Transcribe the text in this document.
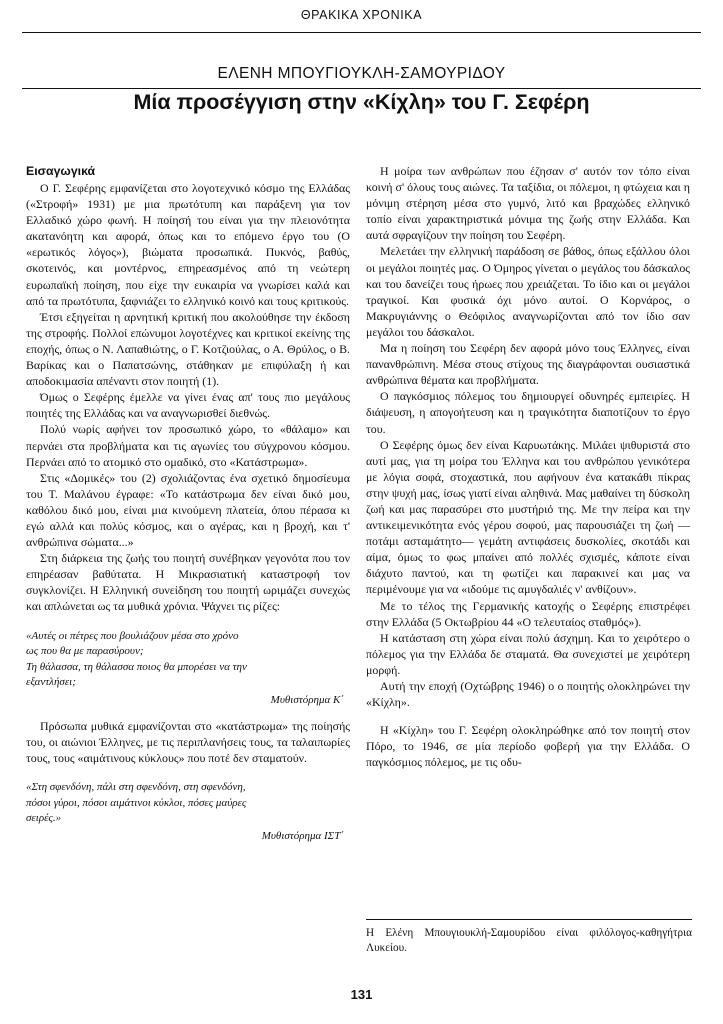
ΘΡΑΚΙΚΑ ΧΡΟΝΙΚΑ
ΕΛΕΝΗ ΜΠΟΥΓΙΟΥΚΛΗ-ΣΑΜΟΥΡΙΔΟΥ
Μία προσέγγιση στην «Κίχλη» του Γ. Σεφέρη
Εισαγωγικά

Ο Γ. Σεφέρης εμφανίζεται στο λογοτεχνικό κόσμο της Ελλάδας («Στροφή» 1931) με μια πρωτότυπη και παράξενη για τον Ελλαδικό χώρο φωνή. Η ποίησή του είναι για την πλειονότητα ακατανόητη και αφορά, όπως και το επόμενο έργο του (Ο «ερωτικός λόγος»), βιώματα προσωπικά. Πυκνός, βαθύς, σκοτεινός, και μοντέρνος, επηρεασμένος από τη νεώτερη ευρωπαϊκή ποίηση, που είχε την ευκαιρία να γνωρίσει καλά και από τα πρωτότυπα, ξαφνιάζει το ελληνικό κοινό και τους κριτικούς.

Έτσι εξηγείται η αρνητική κριτική που ακολούθησε την έκδοση της στροφής. Πολλοί επώνυμοι λογοτέχνες και κριτικοί εκείνης της εποχής, όπως ο Ν. Λαπαθιώτης, ο Γ. Κοτζιούλας, ο Α. Θρύλος, ο Β. Βαρίκας και ο Παπατσώνης, στάθηκαν με επιφύλαξη ή και αποδοκιμασία απέναντι στον ποιητή (1).

Όμως ο Σεφέρης έμελλε να γίνει ένας απ' τους πιο μεγάλους ποιητές της Ελλάδας και να αναγνωρισθεί διεθνώς.

Πολύ νωρίς αφήνει τον προσωπικό χώρο, το «θάλαμο» και περνάει στα προβλήματα και τις αγωνίες του σύγχρονου κόσμου. Περνάει από το ατομικό στο ομαδικό, στο «Κατάστρωμα».

Στις «Δομικές» του (2) σχολιάζοντας ένα σχετικό δημοσίευμα του Τ. Μαλάνου έγραφε: «Το κατάστρωμα δεν είναι δικό μου, καθόλου δικό μου, είναι μια κινούμενη πλατεία, όπου πέρασα κι εγώ αλλά και πολύς κόσμος, και ο αγέρας, και η βροχή, και τ' ανθρώπινα σώματα...»

Στη διάρκεια της ζωής του ποιητή συνέβηκαν γεγονότα που τον επηρέασαν βαθύτατα. Η Μικρασιατική καταστροφή τον συγκλονίζει. Η Ελληνική συνείδηση του ποιητή ωριμάζει συνεχώς και απλώνεται ως τα μυθικά χρόνια. Ψάχνει τις ρίζες:

«Αυτές οι πέτρες που βουλιάζουν μέσα στο χρόνο
ως που θα με παρασύρουν;
Τη θάλασσα, τη θάλασσα ποιος θα μπορέσει να την
εξαντλήσει;
Μυθιστόρημα Κ΄

Πρόσωπα μυθικά εμφανίζονται στο «κατάστρωμα» της ποίησής του, οι αιώνιοι Έλληνες, με τις περιπλανήσεις τους, τα ταλαιπωρίες τους, τους «αιμάτινους κύκλους» που ποτέ δεν σταματούν.

«Στη σφενδόνη, πάλι στη σφενδόνη, στη σφενδόνη,
πόσοι γύροι, πόσοι αιμάτινοι κύκλοι, πόσες μαύρες
σειρές.»
Μυθιστόρημα ΙΣΤ΄

Η μοίρα των ανθρώπων που έζησαν σ' αυτόν τον τόπο είναι κοινή σ' όλους τους αιώνες. Τα ταξίδια, οι πόλεμοι, η φτώχεια και η μόνιμη στέρηση μέσα στο γυμνό, λιτό και βραχώδες ελληνικό τοπίο είναι χαρακτηριστικά μόνιμα της ζωής στην Ελλάδα. Και αυτά σφραγίζουν την ποίηση του Σεφέρη.

Μελετάει την ελληνική παράδοση σε βάθος, όπως εξάλλου όλοι οι μεγάλοι ποιητές μας. Ο Όμηρος γίνεται ο μεγάλος του δάσκαλος και του δανείζει τους ήρωες που χρειάζεται. Το ίδιο και οι μεγάλοι τραγικοί. Και φυσικά όχι μόνο αυτοί. Ο Κορνάρος, ο Μακρυγιάννης ο Θεόφιλος αναγνωρίζονται από τον ίδιο σαν μεγάλοι του δάσκαλοι.

Μα η ποίηση του Σεφέρη δεν αφορά μόνο τους Έλληνες, είναι πανανθρώπινη. Μέσα στους στίχους της διαγράφονται ουσιαστικά ανθρώπινα θέματα και προβλήματα.

Ο παγκόσμιος πόλεμος του δημιουργεί οδυνηρές εμπειρίες. Η διάψευση, η απογοήτευση και η τραγικότητα διαποτίζουν το έργο του.

Ο Σεφέρης όμως δεν είναι Καρυωτάκης. Μιλάει ψιθυριστά στο αυτί μας, για τη μοίρα του Έλληνα και του ανθρώπου γενικότερα με λόγια σοφά, στοχαστικά, που αφήνουν ένα κατακάθι πίκρας στην ψυχή μας, ίσως γιατί είναι αληθινά. Μας μαθαίνει τη δύσκολη ζωή και μας παρασύρει στο μυστήριό της. Με την πείρα και την αντικειμενικότητα ενός γέρου σοφού, μας παρουσιάζει τη ζωή —ποτάμι ασταμάτητο— γεμάτη αντιφάσεις δυσκολίες, σκοτάδι και αίμα, όμως το φως μπαίνει από πολλές σχισμές, κάποτε είναι διάχυτο παντού, και τη φωτίζει και παρακινεί και μας να περιμένουμε για να «ιδούμε τις αμυγδαλιές ν' ανθίζουν».

Με το τέλος της Γερμανικής κατοχής ο Σεφέρης επιστρέφει στην Ελλάδα (5 Οκτωβρίου 44 «Ο τελευταίος σταθμός»).

Η κατάσταση στη χώρα είναι πολύ άσχημη. Και το χειρότερο ο πόλεμος για την Ελλάδα δε σταματά. Θα συνεχιστεί με χειρότερη μορφή.

Αυτή την εποχή (Οχτώβρης 1946) ο ο ποιητής ολοκληρώνει την «Κίχλη».

Η «Κίχλη» του Γ. Σεφέρη ολοκληρώθηκε από τον ποιητή στον Πόρο, το 1946, σε μία περίοδο φοβερή για την Ελλάδα. Ο παγκόσμιος πόλεμος, με τις οδυ-

Η Ελένη Μπουγιουκλή-Σαμουρίδου είναι φιλόλογος-καθηγήτρια Λυκείου.
131
